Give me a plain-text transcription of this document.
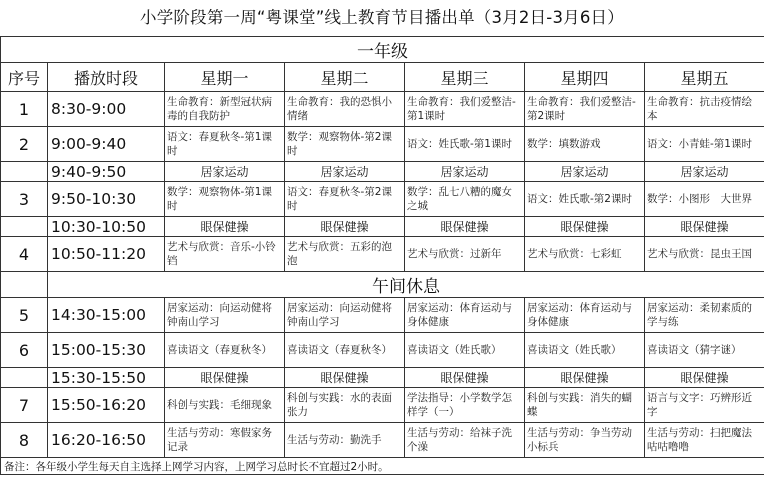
小学阶段第一周“粤课堂”线上教育节目播出单（3月2日-3月6日）
一年级						
序号	播放时段	星期一	星期二	星期三	星期四	星期五
1	8:30-9:00	生命教育：新型冠状病毒的自我防护	生命教育：我的恐惧小情绪	生命教育：我们爱整洁-第1课时	生命教育：我们爱整洁-第2课时	生命教育：抗击疫情绘本
2	9:00-9:40	语文：春夏秋冬-第1课时	数学：观察物体-第2课时	语文：姓氏歌-第1课时	数学：填数游戏	语文：小青蛙-第1课时
	9:40-9:50	居家运动	居家运动	居家运动	居家运动	居家运动
3	9:50-10:30	数学：观察物体-第1课时	语文：春夏秋冬-第2课时	数学：乱七八糟的魔女之城	语文：姓氏歌-第2课时	数学：小图形　大世界
	10:30-10:50	眼保健操	眼保健操	眼保健操	眼保健操	眼保健操
4	10:50-11:20	艺术与欣赏：音乐-小铃铛	艺术与欣赏：五彩的泡泡	艺术与欣赏：过新年	艺术与欣赏：七彩虹	艺术与欣赏：昆虫王国
	午间休息					
5	14:30-15:00	居家运动：向运动健将钟南山学习	居家运动：向运动健将钟南山学习	居家运动：体育运动与身体健康	居家运动：体育运动与身体健康	居家运动：柔韧素质的学与练
6	15:00-15:30	喜读语文（春夏秋冬）	喜读语文（春夏秋冬）	喜读语文（姓氏歌）	喜读语文（姓氏歌）	喜读语文（猜字谜）
	15:30-15:50	眼保健操	眼保健操	眼保健操	眼保健操	眼保健操
7	15:50-16:20	科创与实践：毛细现象	科创与实践：水的表面张力	学法指导：小学数学怎样学（一）	科创与实践：消失的蝴蝶	语言与文字：巧辨形近字
8	16:20-16:50	生活与劳动：寒假家务记录	生活与劳动：勤洗手	生活与劳动：给袜子洗个澡	生活与劳动：争当劳动小标兵	生活与劳动：扫把魔法咕咕噜噜
备注：各年级小学生每天自主选择上网学习内容，上网学习总时长不宜超过2小时。						
